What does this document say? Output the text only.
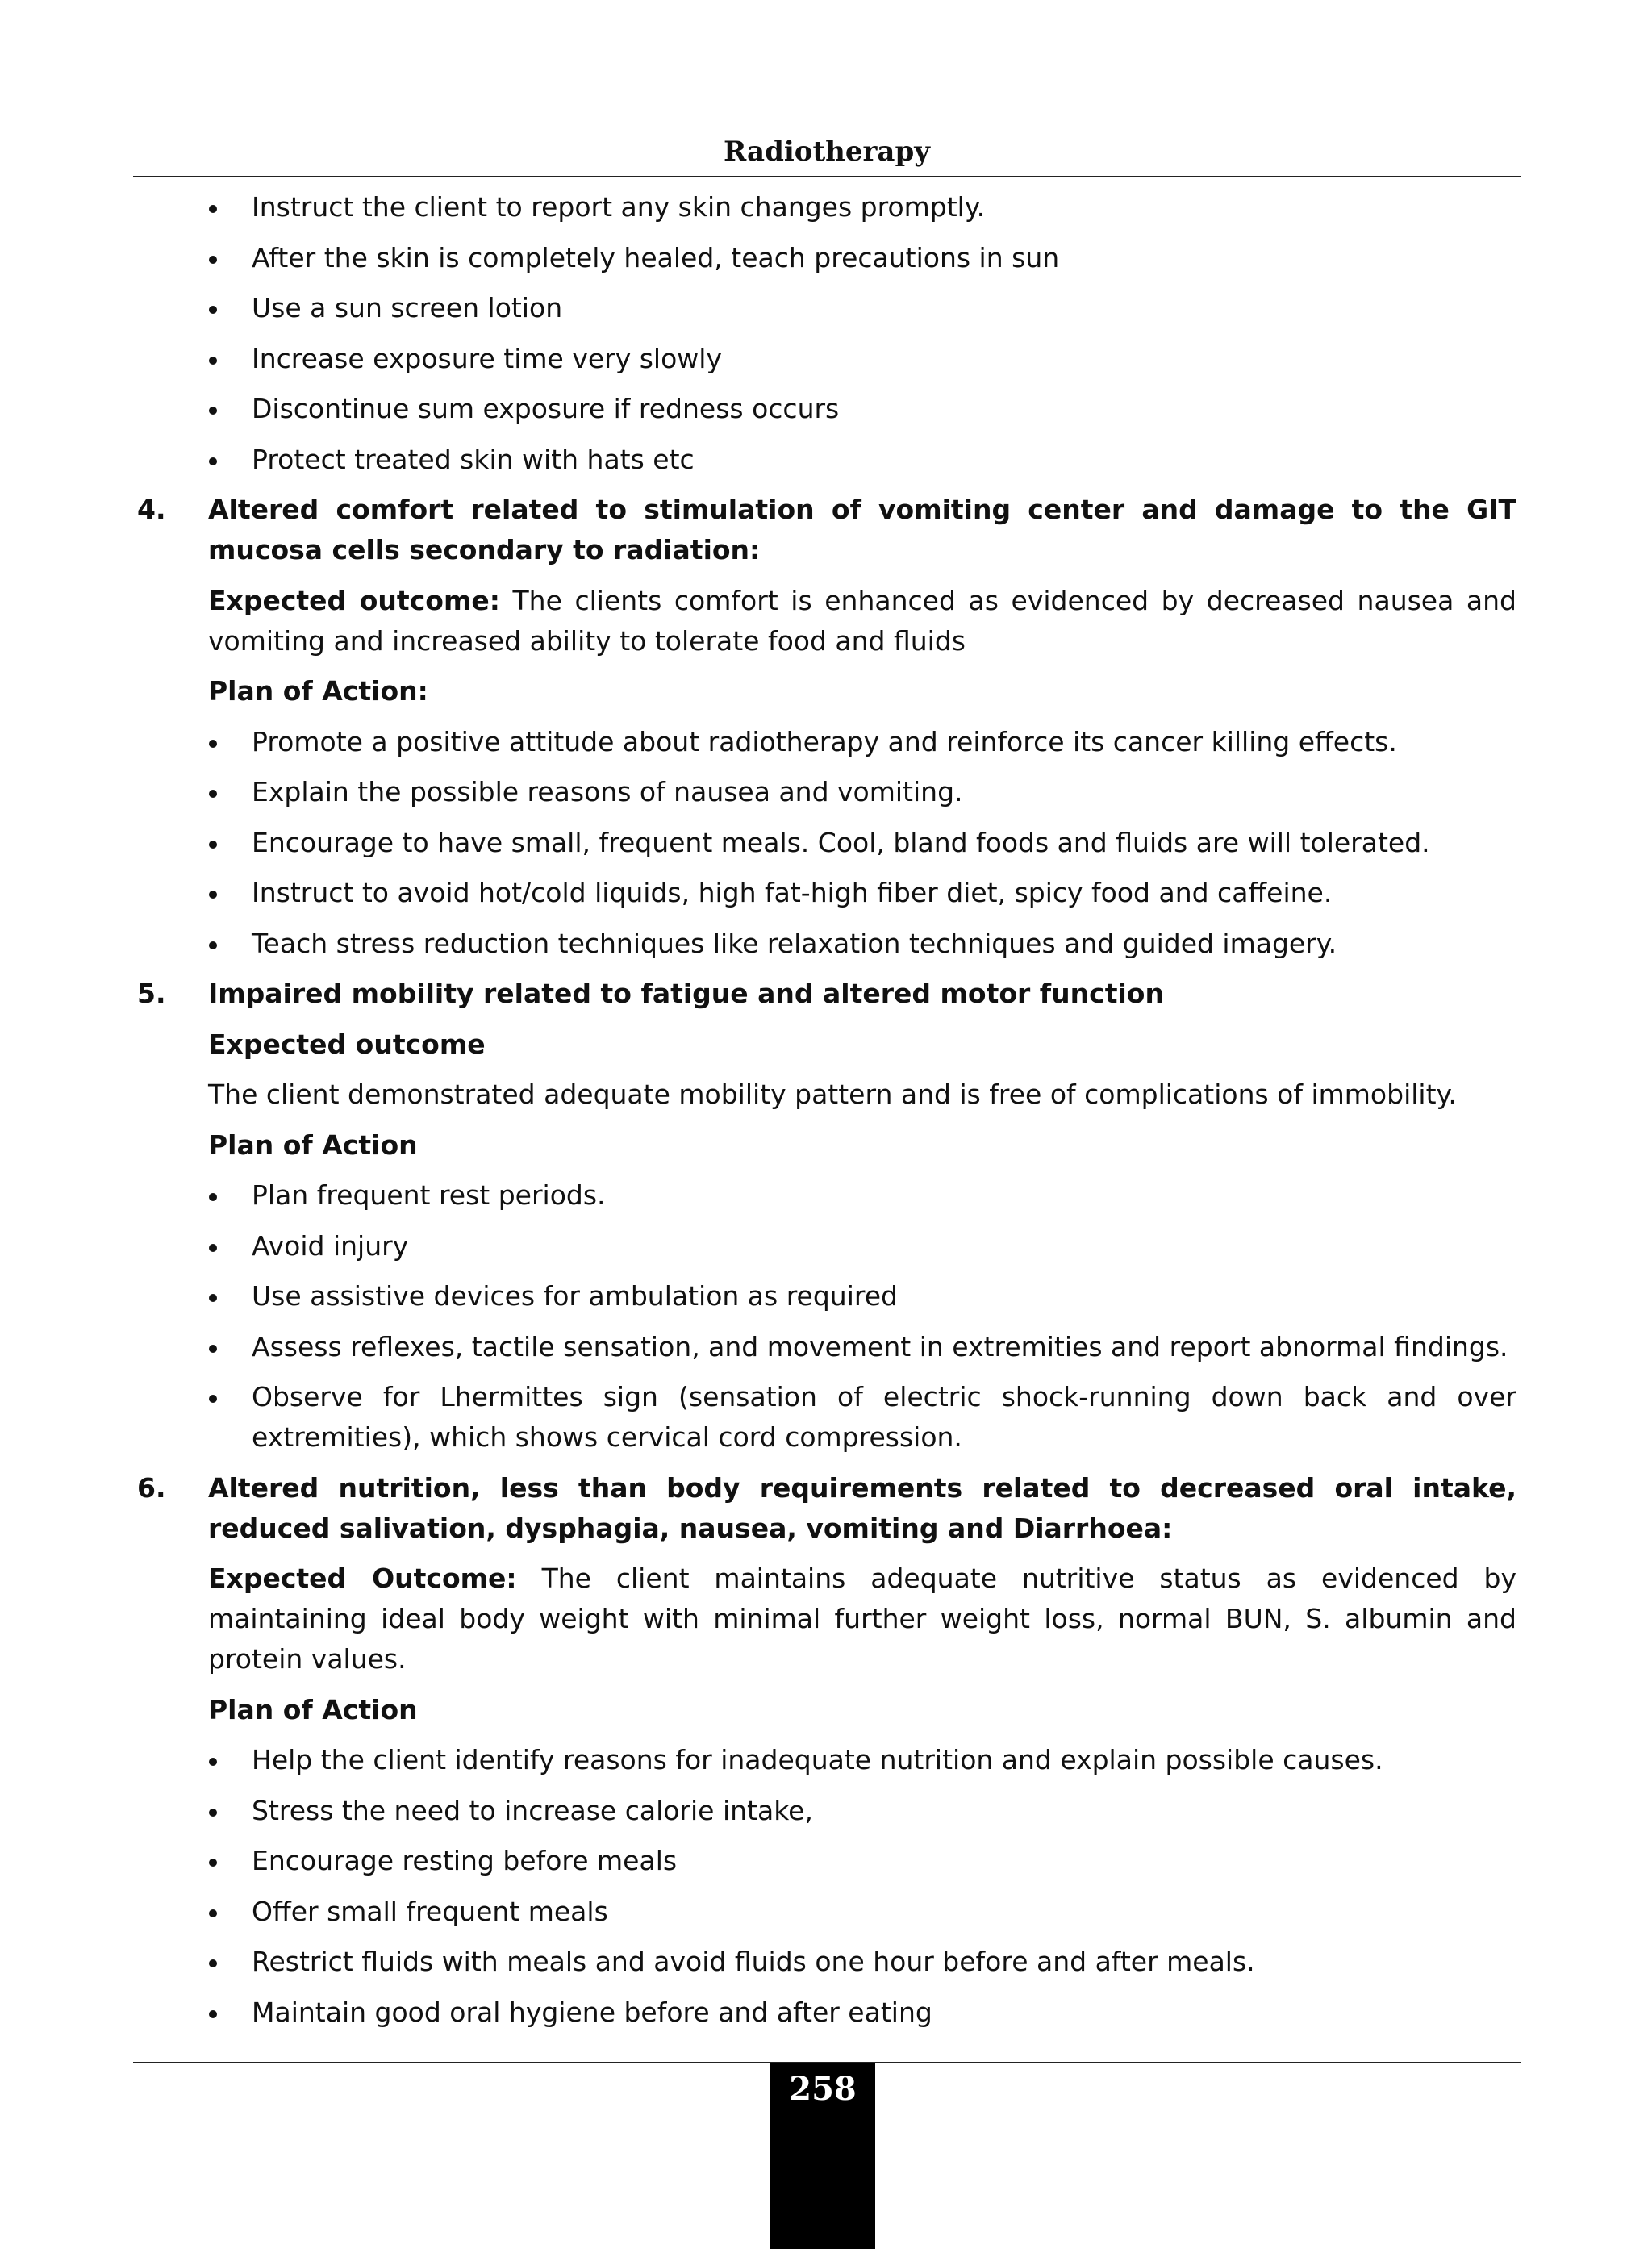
Radiotherapy
Instruct the client to report any skin changes promptly.
After the skin is completely healed, teach precautions in sun
Use a sun screen lotion
Increase exposure time very slowly
Discontinue sum exposure if redness occurs
Protect treated skin with hats etc
4. Altered comfort related to stimulation of vomiting center and damage to the GIT mucosa cells secondary to radiation:

Expected outcome: The clients comfort is enhanced as evidenced by decreased nausea and vomiting and increased ability to tolerate food and fluids

Plan of Action:

Promote a positive attitude about radiotherapy and reinforce its cancer killing effects.
Explain the possible reasons of nausea and vomiting.
Encourage to have small, frequent meals. Cool, bland foods and fluids are will tolerated.
Instruct to avoid hot/cold liquids, high fat-high fiber diet, spicy food and caffeine.
Teach stress reduction techniques like relaxation techniques and guided imagery.
5. Impaired mobility related to fatigue and altered motor function

Expected outcome

The client demonstrated adequate mobility pattern and is free of complications of immobility.

Plan of Action

Plan frequent rest periods.
Avoid injury
Use assistive devices for ambulation as required
Assess reflexes, tactile sensation, and movement in extremities and report abnormal findings.
Observe for Lhermittes sign (sensation of electric shock-running down back and over extremities), which shows cervical cord compression.
6. Altered nutrition, less than body requirements related to decreased oral intake, reduced salivation, dysphagia, nausea, vomiting and Diarrhoea:

Expected Outcome: The client maintains adequate nutritive status as evidenced by maintaining ideal body weight with minimal further weight loss, normal BUN, S. albumin and protein values.

Plan of Action

Help the client identify reasons for inadequate nutrition and explain possible causes.
Stress the need to increase calorie intake,
Encourage resting before meals
Offer small frequent meals
Restrict fluids with meals and avoid fluids one hour before and after meals.
Maintain good oral hygiene before and after eating
258
